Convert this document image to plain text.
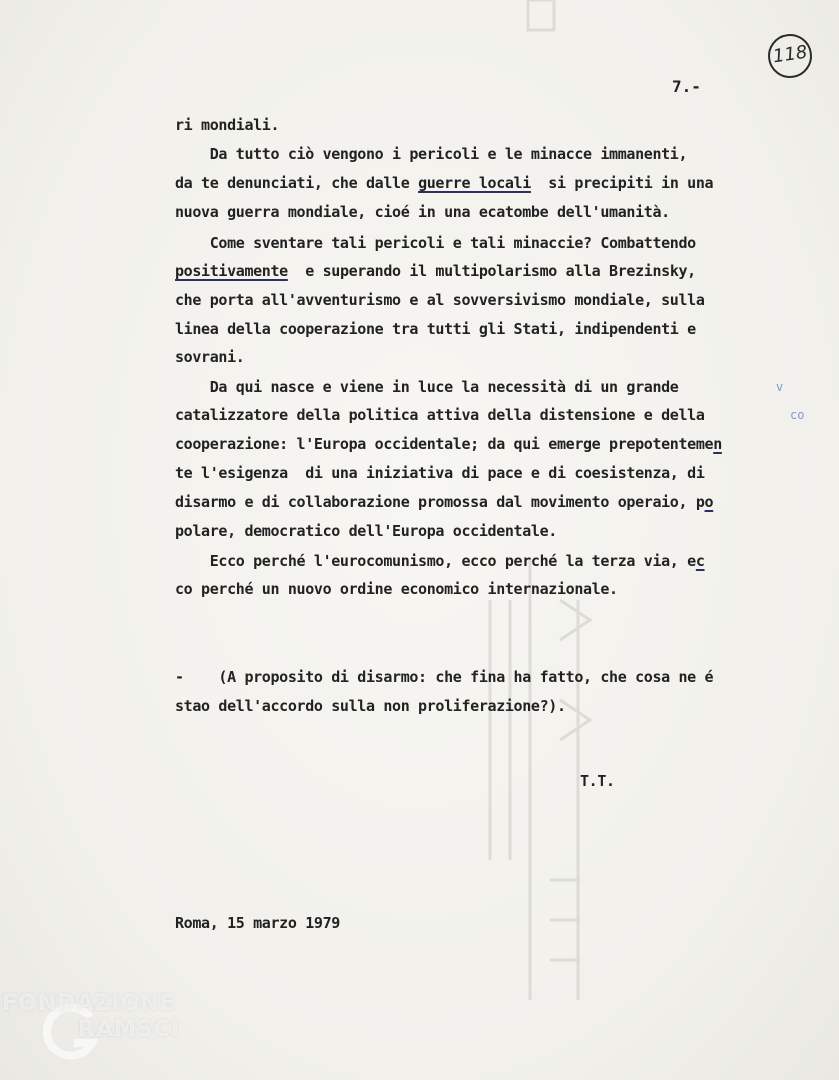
118
7.-
ri mondiali.
Da tutto ciò vengono i pericoli e le minacce immanenti,
da te denunciati, che dalle guerre locali  si precipiti in una
nuova guerra mondiale, cioé in una ecatombe dell'umanità.
Come sventare tali pericoli e tali minaccie? Combattendo
positivamente  e superando il multipolarismo alla Brezinsky,
che porta all'avventurismo e al sovversivismo mondiale, sulla
linea della cooperazione tra tutti gli Stati, indipendenti e
sovrani.
Da qui nasce e viene in luce la necessità di un grande	v
catalizzatore della politica attiva della distensione e della	co
cooperazione: l'Europa occidentale; da qui emerge prepotentemen
te l'esigenza  di una iniziativa di pace e di coesistenza, di
disarmo e di collaborazione promossa dal movimento operaio, po
polare, democratico dell'Europa occidentale.
Ecco perché l'eurocomunismo, ecco perché la terza via, ec
co perché un nuovo ordine economico internazionale.
-    (A proposito di disarmo: che fina ha fatto, che cosa ne é
stao dell'accordo sulla non proliferazione?).
T.T.
Roma, 15 marzo 1979
FONDAZIONE
RAMSCI
